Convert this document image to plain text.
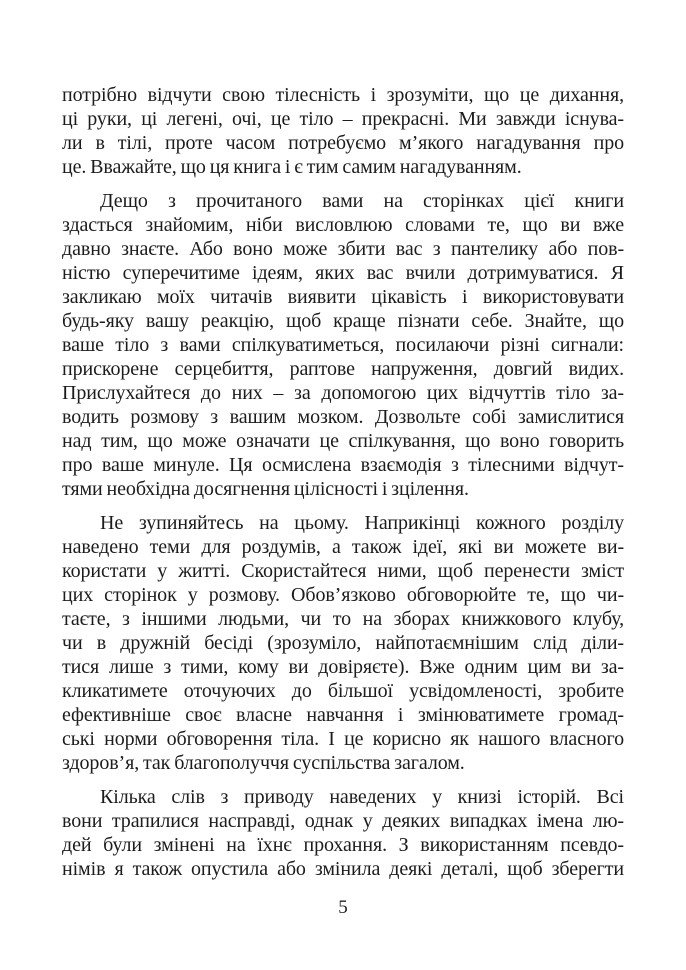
потрібно відчути свою тілесність і зрозуміти, що це дихання,
ці руки, ці легені, очі, це тіло – прекрасні. Ми завжди існува-
ли в тілі, проте часом потребуємо м’якого нагадування про
це. Вважайте, що ця книга і є тим самим нагадуванням.
Дещо з прочитаного вами на сторінках цієї книги
здасться знайомим, ніби висловлюю словами те, що ви вже
давно знаєте. Або воно може збити вас з пантелику або пов-
ністю суперечитиме ідеям, яких вас вчили дотримуватися. Я
закликаю моїх читачів виявити цікавість і використовувати
будь-яку вашу реакцію, щоб краще пізнати себе. Знайте, що
ваше тіло з вами спілкуватиметься, посилаючи різні сигнали:
прискорене серцебиття, раптове напруження, довгий видих.
Прислухайтеся до них – за допомогою цих відчуттів тіло за-
водить розмову з вашим мозком. Дозвольте собі замислитися
над тим, що може означати це спілкування, що воно говорить
про ваше минуле. Ця осмислена взаємодія з тілесними відчут-
тями необхідна досягнення цілісності і зцілення.
Не зупиняйтесь на цьому. Наприкінці кожного розділу
наведено теми для роздумів, а також ідеї, які ви можете ви-
користати у житті. Скористайтеся ними, щоб перенести зміст
цих сторінок у розмову. Обов’язково обговорюйте те, що чи-
таєте, з іншими людьми, чи то на зборах книжкового клубу,
чи в дружній бесіді (зрозуміло, найпотаємнішим слід діли-
тися лише з тими, кому ви довіряєте). Вже одним цим ви за-
кликатимете оточуючих до більшої усвідомленості, зробите
ефективніше своє власне навчання і змінюватимете громад-
ські норми обговорення тіла. І це корисно як нашого власного
здоров’я, так благополуччя суспільства загалом.
Кілька слів з приводу наведених у книзі історій. Всі
вони трапилися насправді, однак у деяких випадках імена лю-
дей були змінені на їхнє прохання. З використанням псевдо-
німів я також опустила або змінила деякі деталі, щоб зберегти
5
